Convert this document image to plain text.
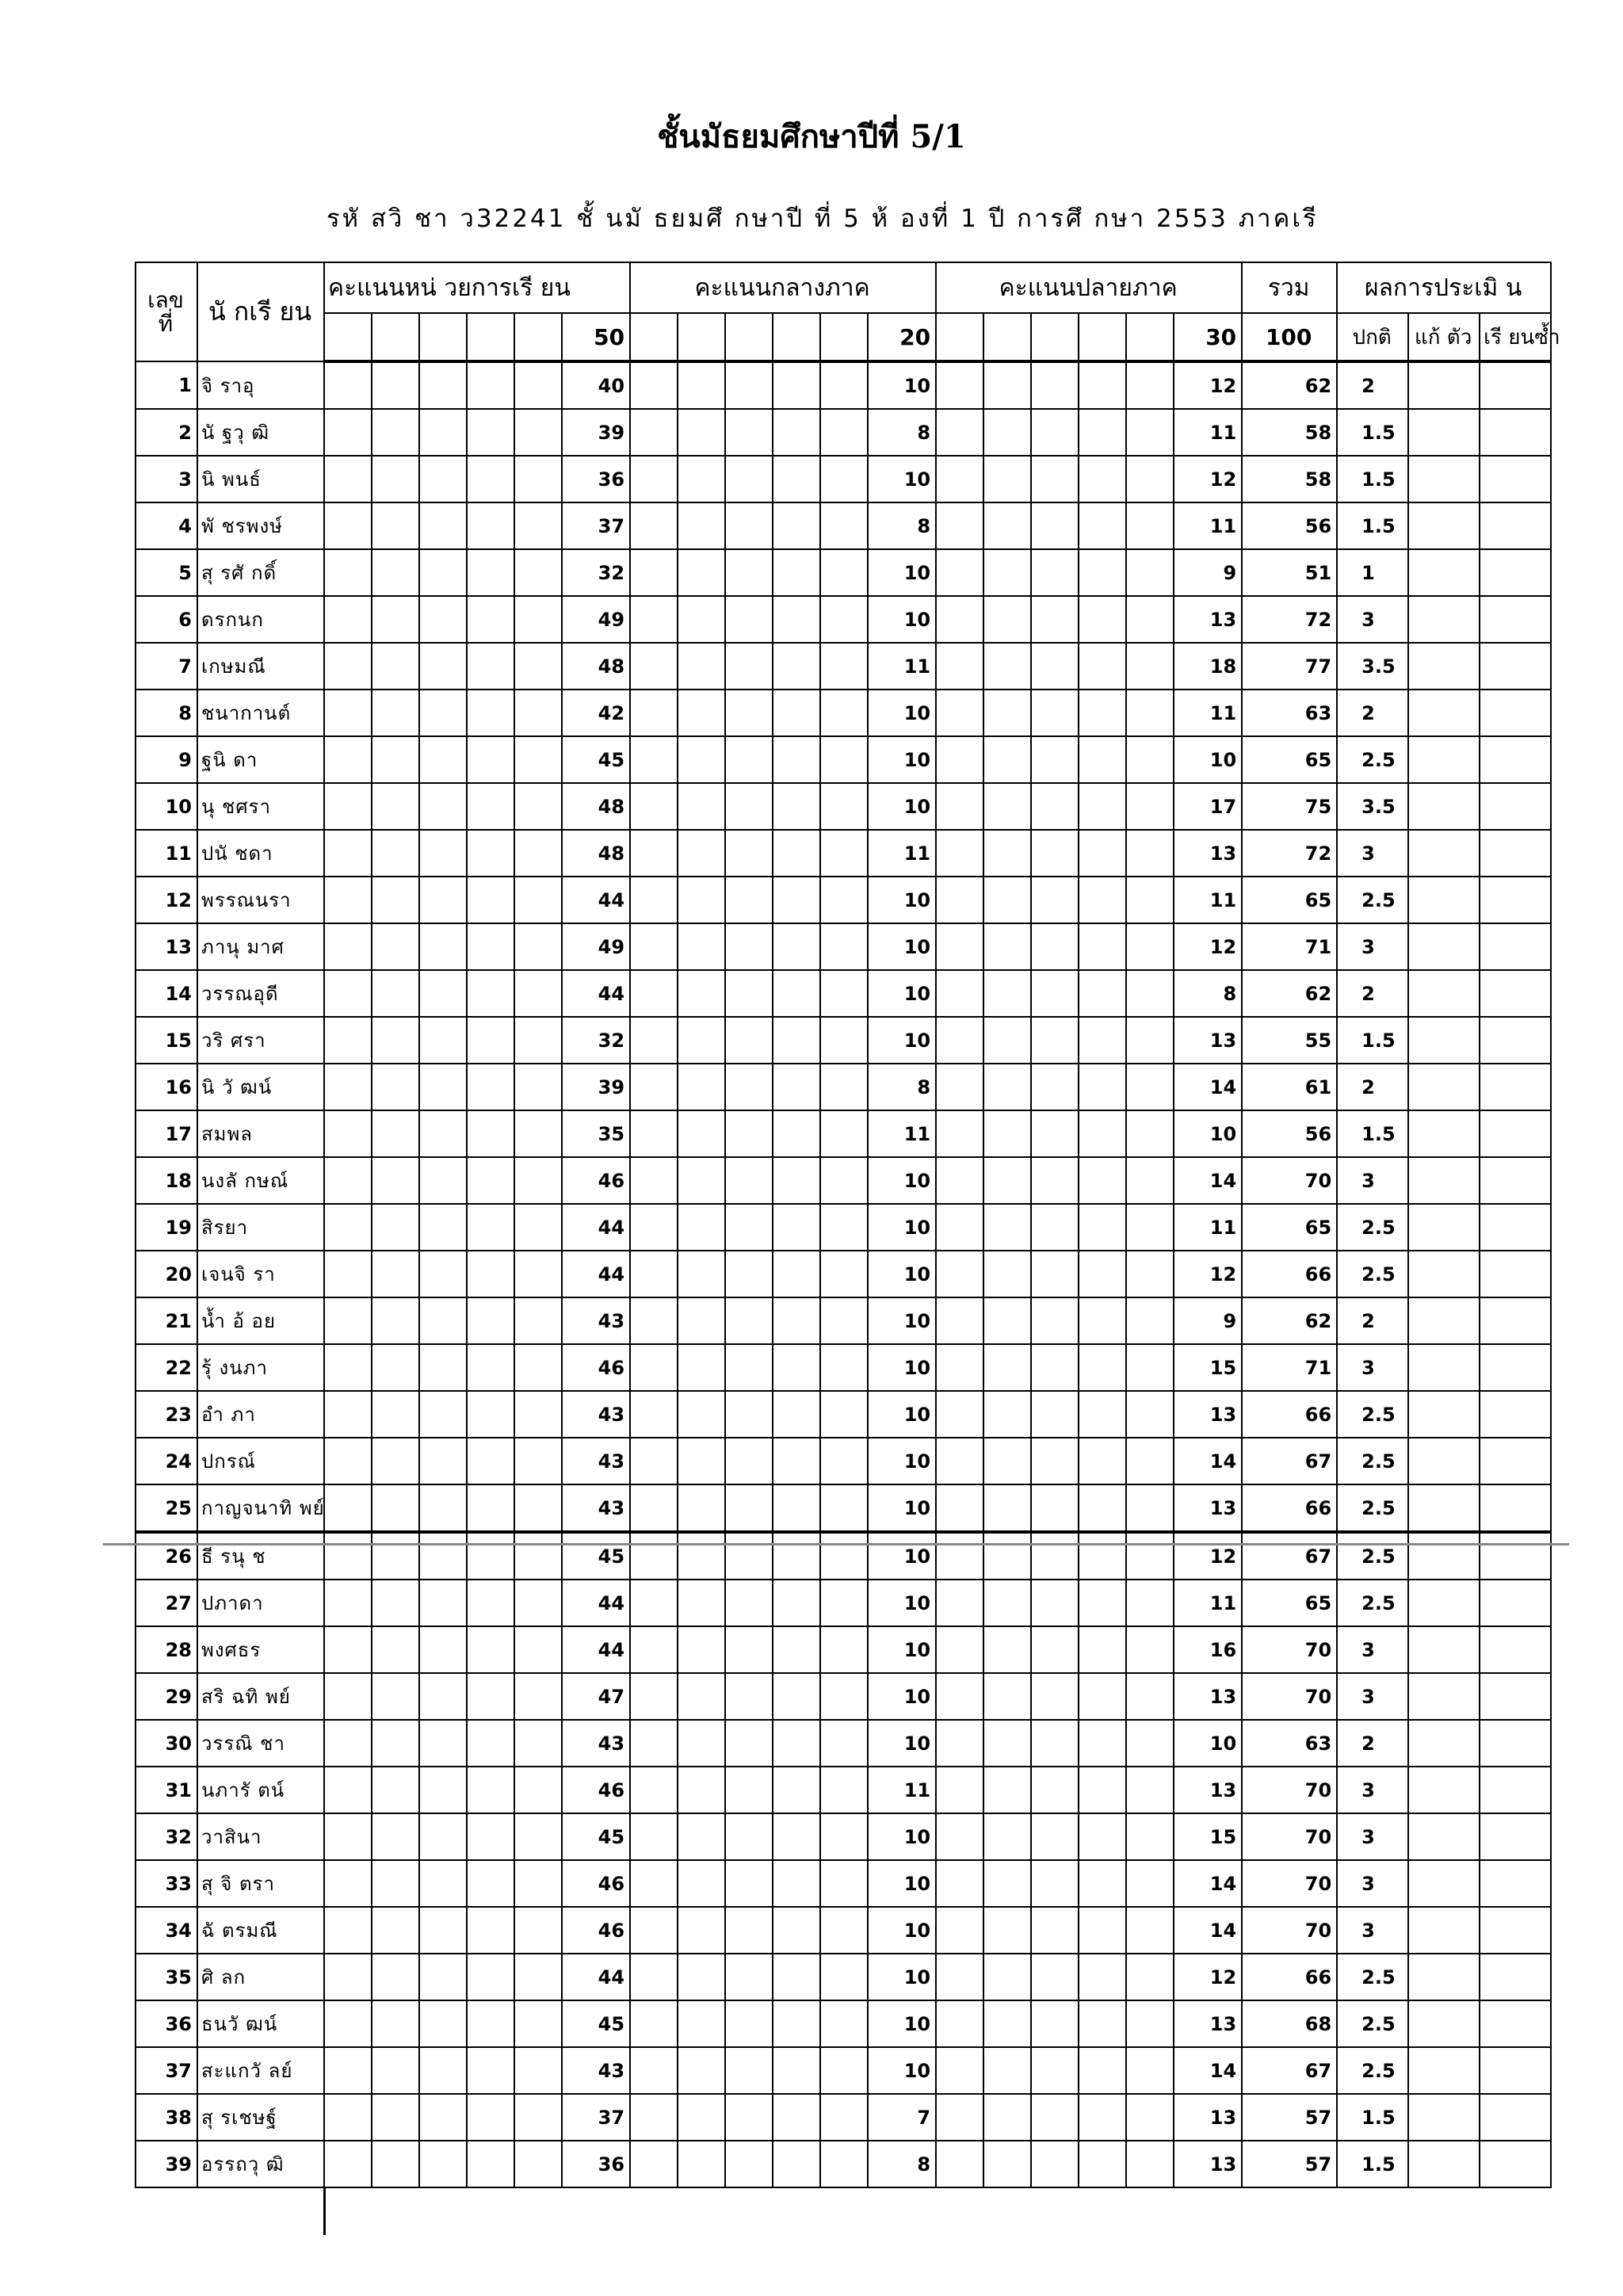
ชั้นมัธยมศึกษาปีที่ 5/1
รหั สวิ ชา ว32241 ชั้ นมั ธยมศึ กษาปี ที่ 5 ห้ องที่ 1 ปี การศึ กษา 2553 ภาคเรี
เลข ที่	นั กเรี ยน	คะแนนหน่ วยการเรี ยน						คะแนนกลางภาค						คะแนนปลายภาค						รวม	ผลการประเมิ น		
							50						20						30	100	ปกติ	แก้ ตัว	เรี ยนซ้ำ
1	จิ ราอุ						40						10						12	62	2		
2	นั ฐวุ ฒิ						39						8						11	58	1.5		
3	นิ พนธ์						36						10						12	58	1.5		
4	พั ชรพงษ์						37						8						11	56	1.5		
5	สุ รศั กดิ์						32						10						9	51	1		
6	ดรกนก						49						10						13	72	3		
7	เกษมณี						48						11						18	77	3.5		
8	ชนากานต์						42						10						11	63	2		
9	ฐนิ ดา						45						10						10	65	2.5		
10	นุ ชศรา						48						10						17	75	3.5		
11	ปนั ชดา						48						11						13	72	3		
12	พรรณนรา						44						10						11	65	2.5		
13	ภานุ มาศ						49						10						12	71	3		
14	วรรณอุดี						44						10						8	62	2		
15	วริ ศรา						32						10						13	55	1.5		
16	นิ วั ฒน์						39						8						14	61	2		
17	สมพล						35						11						10	56	1.5		
18	นงลั กษณ์						46						10						14	70	3		
19	สิรยา						44						10						11	65	2.5		
20	เจนจิ รา						44						10						12	66	2.5		
21	น้ำ อ้ อย						43						10						9	62	2		
22	รุ้ งนภา						46						10						15	71	3		
23	อำ ภา						43						10						13	66	2.5		
24	ปกรณ์						43						10						14	67	2.5		
25	กาญจนาทิ พย์						43						10						13	66	2.5		
26	ธี รนุ ช						45						10						12	67	2.5		
27	ปภาดา						44						10						11	65	2.5		
28	พงศธร						44						10						16	70	3		
29	สริ ฉทิ พย์						47						10						13	70	3		
30	วรรณิ ชา						43						10						10	63	2		
31	นภารั ตน์						46						11						13	70	3		
32	วาสินา						45						10						15	70	3		
33	สุ จิ ตรา						46						10						14	70	3		
34	ฉั ตรมณี						46						10						14	70	3		
35	ศิ ลก						44						10						12	66	2.5		
36	ธนวั ฒน์						45						10						13	68	2.5		
37	สะแกวั ลย์						43						10						14	67	2.5		
38	สุ รเชษฐ์						37						7						13	57	1.5		
39	อรรถวุ ฒิ						36						8						13	57	1.5		
